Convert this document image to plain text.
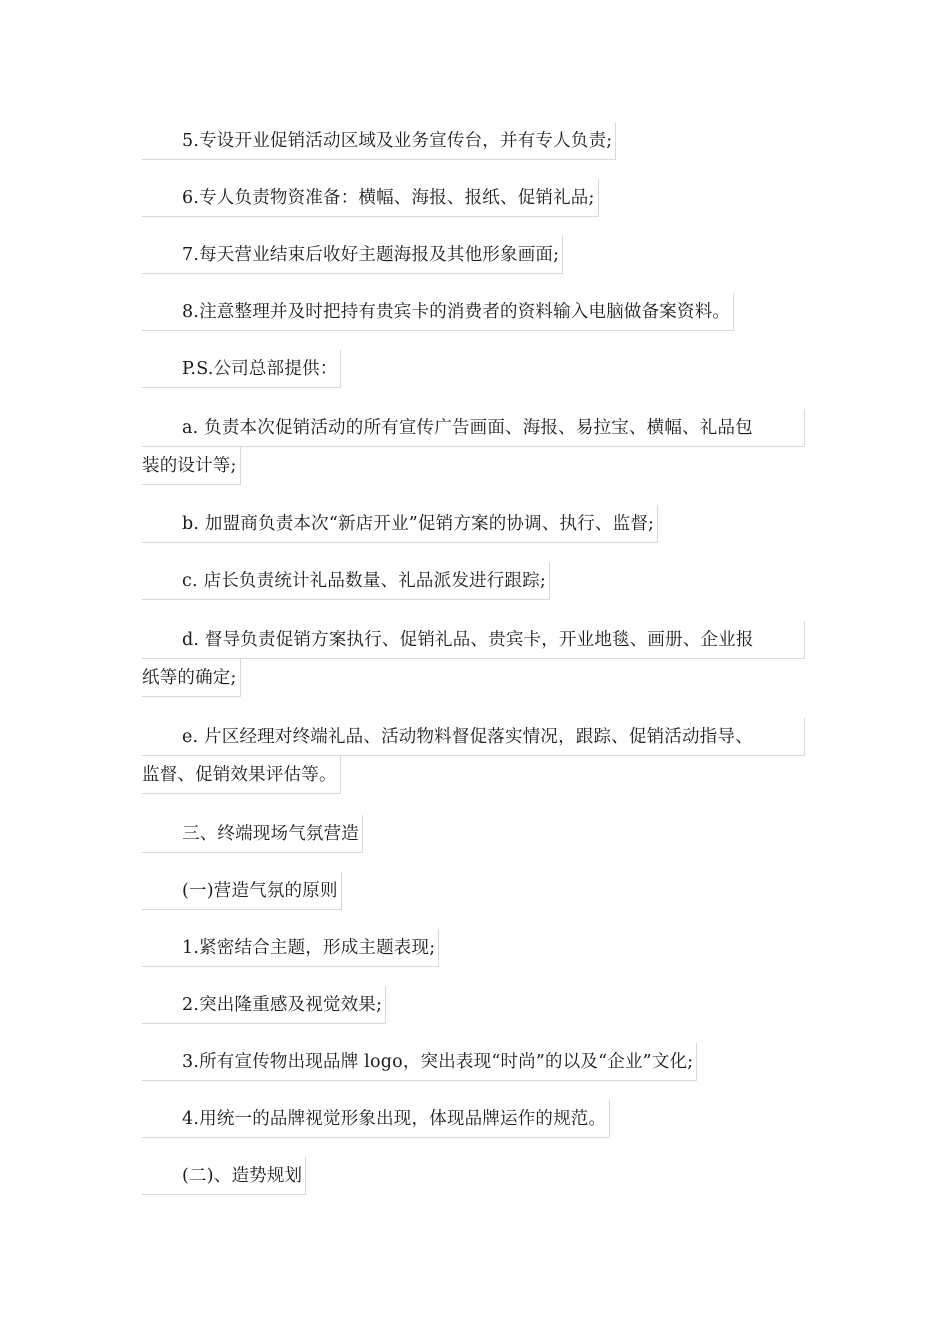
5.专设开业促销活动区域及业务宣传台，并有专人负责;
6.专人负责物资准备：横幅、海报、报纸、促销礼品;
7.每天营业结束后收好主题海报及其他形象画面;
8.注意整理并及时把持有贵宾卡的消费者的资料输入电脑做备案资料。
P.S.公司总部提供：
a. 负责本次促销活动的所有宣传广告画面、海报、易拉宝、横幅、礼品包
装的设计等;
b. 加盟商负责本次“新店开业”促销方案的协调、执行、监督;
c. 店长负责统计礼品数量、礼品派发进行跟踪;
d. 督导负责促销方案执行、促销礼品、贵宾卡，开业地毯、画册、企业报
纸等的确定;
e. 片区经理对终端礼品、活动物料督促落实情况，跟踪、促销活动指导、
监督、促销效果评估等。
三、终端现场气氛营造
(一)营造气氛的原则
1.紧密结合主题，形成主题表现;
2.突出隆重感及视觉效果;
3.所有宣传物出现品牌 logo，突出表现“时尚”的以及“企业”文化;
4.用统一的品牌视觉形象出现，体现品牌运作的规范。
(二)、造势规划
